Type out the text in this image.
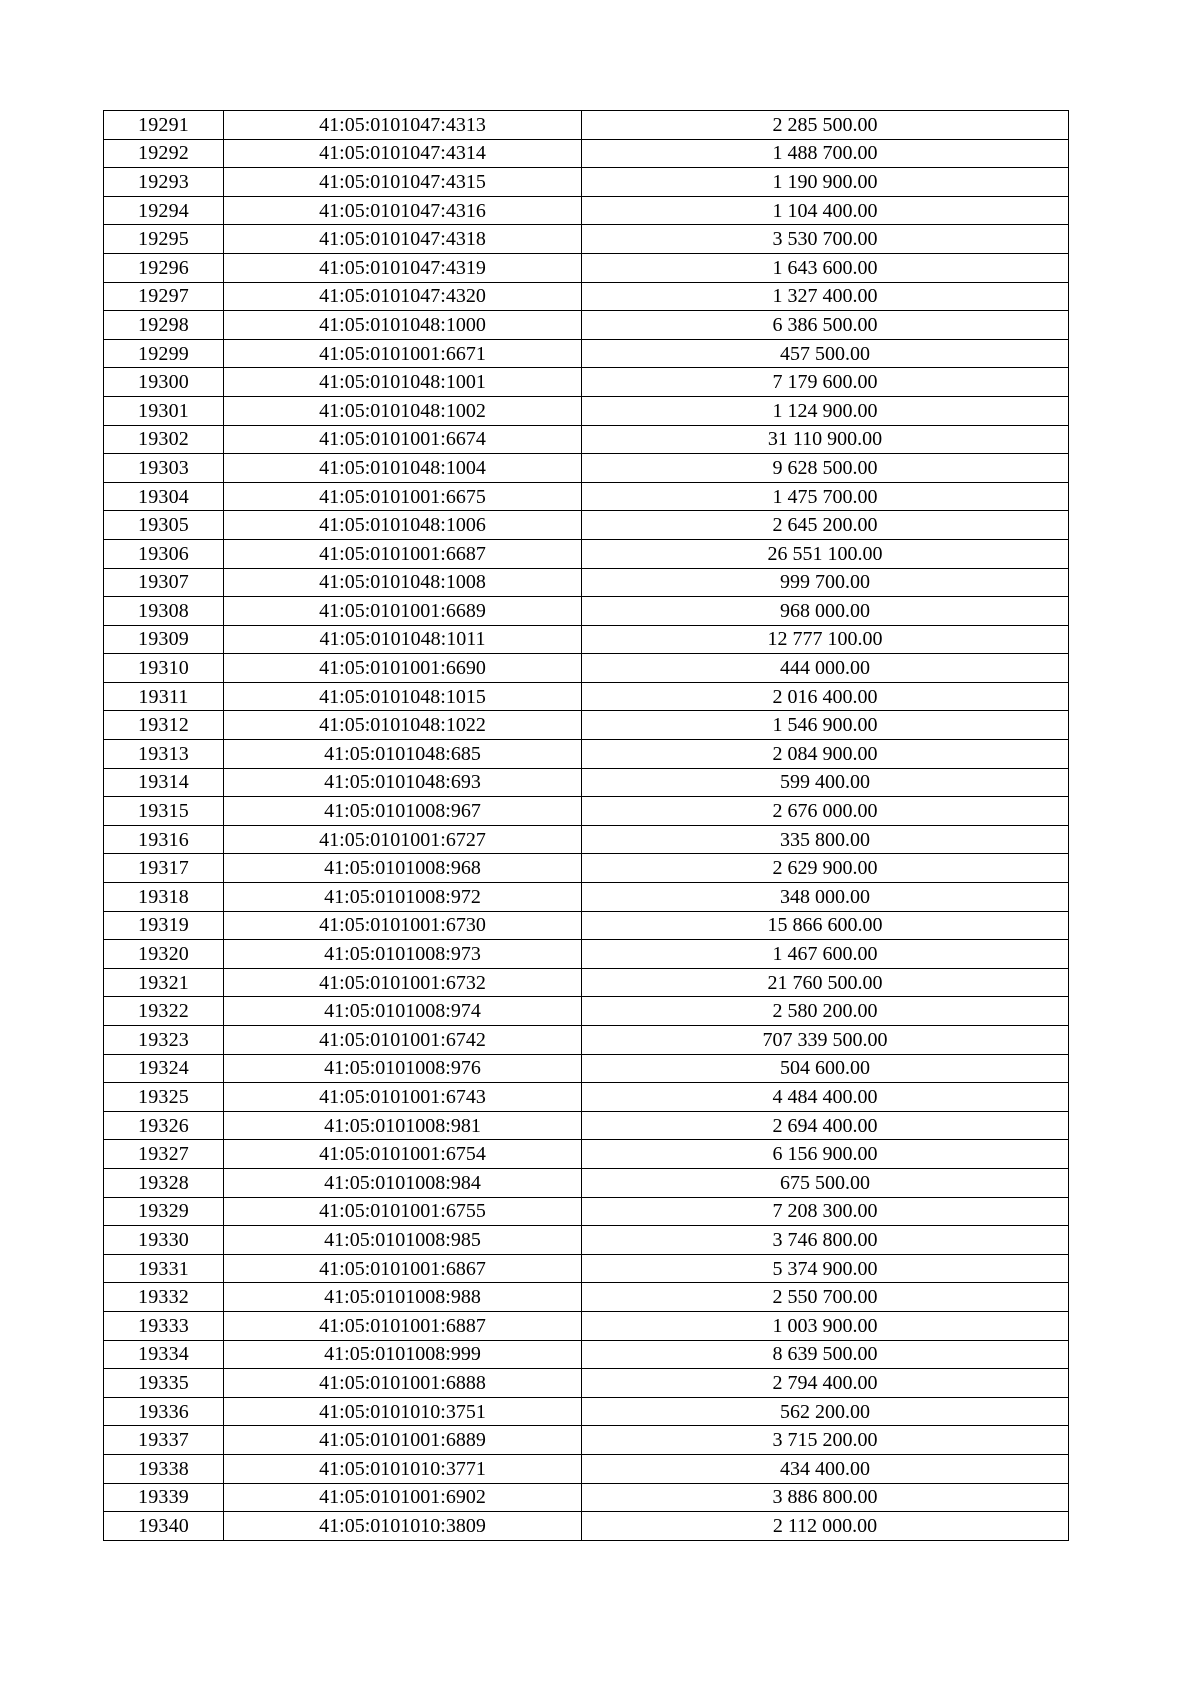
19291	41:05:0101047:4313	2 285 500.00
19292	41:05:0101047:4314	1 488 700.00
19293	41:05:0101047:4315	1 190 900.00
19294	41:05:0101047:4316	1 104 400.00
19295	41:05:0101047:4318	3 530 700.00
19296	41:05:0101047:4319	1 643 600.00
19297	41:05:0101047:4320	1 327 400.00
19298	41:05:0101048:1000	6 386 500.00
19299	41:05:0101001:6671	457 500.00
19300	41:05:0101048:1001	7 179 600.00
19301	41:05:0101048:1002	1 124 900.00
19302	41:05:0101001:6674	31 110 900.00
19303	41:05:0101048:1004	9 628 500.00
19304	41:05:0101001:6675	1 475 700.00
19305	41:05:0101048:1006	2 645 200.00
19306	41:05:0101001:6687	26 551 100.00
19307	41:05:0101048:1008	999 700.00
19308	41:05:0101001:6689	968 000.00
19309	41:05:0101048:1011	12 777 100.00
19310	41:05:0101001:6690	444 000.00
19311	41:05:0101048:1015	2 016 400.00
19312	41:05:0101048:1022	1 546 900.00
19313	41:05:0101048:685	2 084 900.00
19314	41:05:0101048:693	599 400.00
19315	41:05:0101008:967	2 676 000.00
19316	41:05:0101001:6727	335 800.00
19317	41:05:0101008:968	2 629 900.00
19318	41:05:0101008:972	348 000.00
19319	41:05:0101001:6730	15 866 600.00
19320	41:05:0101008:973	1 467 600.00
19321	41:05:0101001:6732	21 760 500.00
19322	41:05:0101008:974	2 580 200.00
19323	41:05:0101001:6742	707 339 500.00
19324	41:05:0101008:976	504 600.00
19325	41:05:0101001:6743	4 484 400.00
19326	41:05:0101008:981	2 694 400.00
19327	41:05:0101001:6754	6 156 900.00
19328	41:05:0101008:984	675 500.00
19329	41:05:0101001:6755	7 208 300.00
19330	41:05:0101008:985	3 746 800.00
19331	41:05:0101001:6867	5 374 900.00
19332	41:05:0101008:988	2 550 700.00
19333	41:05:0101001:6887	1 003 900.00
19334	41:05:0101008:999	8 639 500.00
19335	41:05:0101001:6888	2 794 400.00
19336	41:05:0101010:3751	562 200.00
19337	41:05:0101001:6889	3 715 200.00
19338	41:05:0101010:3771	434 400.00
19339	41:05:0101001:6902	3 886 800.00
19340	41:05:0101010:3809	2 112 000.00
